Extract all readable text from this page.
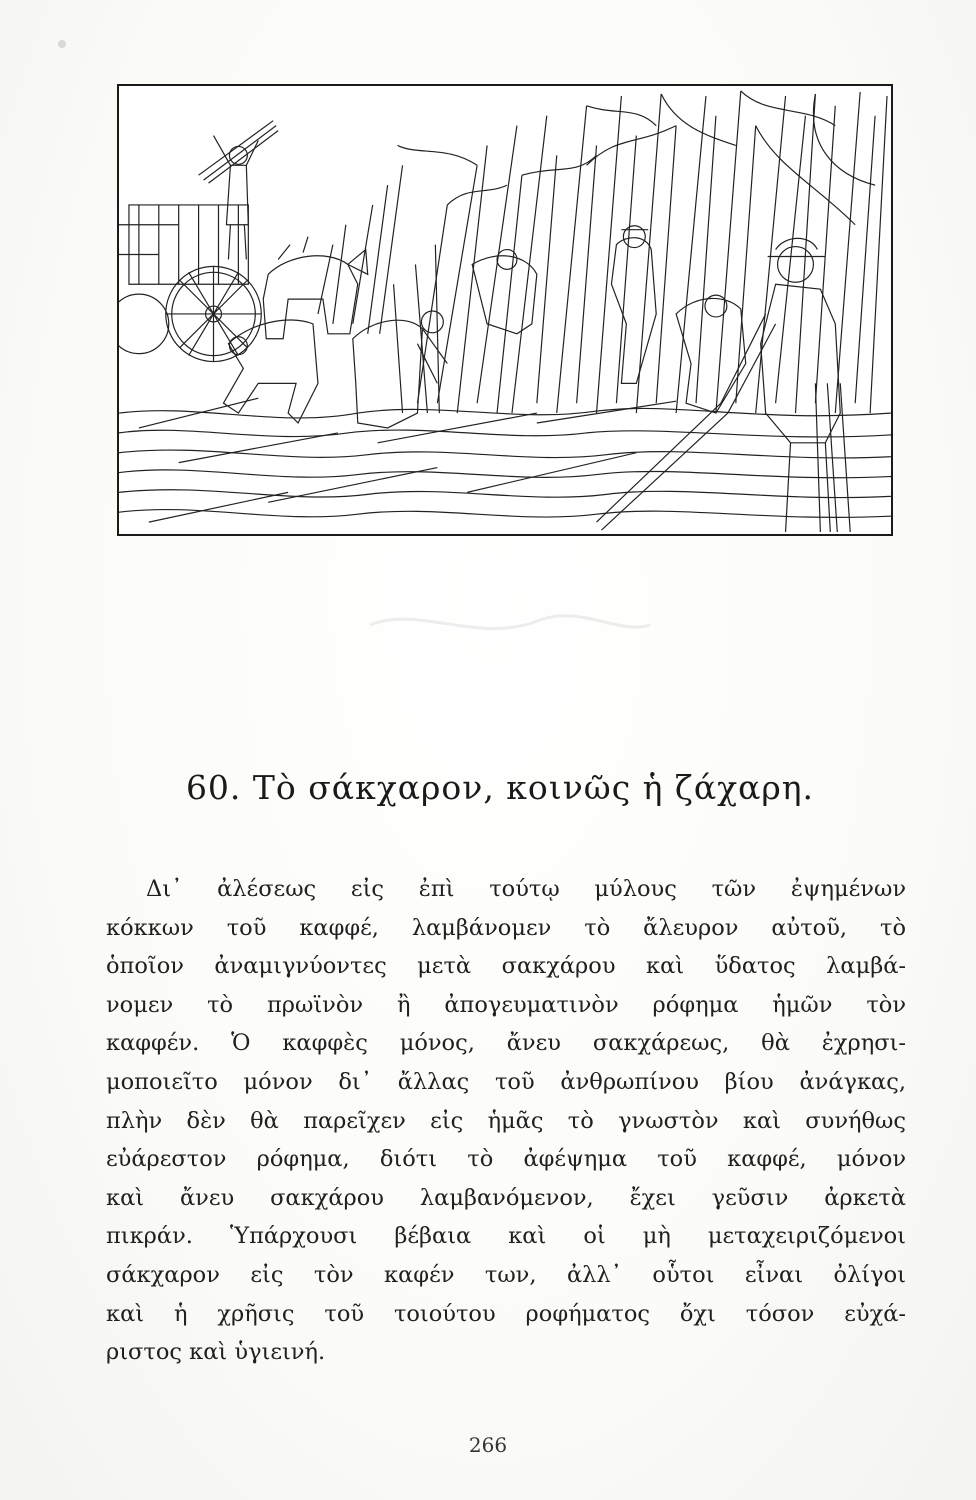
60. Τὸ σάκχαρον, κοινῶς ἡ ζάχαρη.
Δι᾽ ἀλέσεως εἰς ἐπὶ τούτῳ μύλους τῶν ἐψημένων
κόκκων τοῦ καφφέ, λαμβάνομεν τὸ ἄλευρον αὐτοῦ, τὸ
ὁποῖον ἀναμιγνύοντες μετὰ σακχάρου καὶ ὕδατος λαμβά-
νομεν τὸ πρωϊνὸν ἢ ἀπογευματινὸν ρόφημα ἡμῶν τὸν
καφφέν. Ὁ καφφὲς μόνος, ἄνευ σακχάρεως, θὰ ἐχρησι-
μοποιεῖτο μόνον δι᾽ ἄλλας τοῦ ἀνθρωπίνου βίου ἀνάγκας,
πλὴν δὲν θὰ παρεῖχεν εἰς ἡμᾶς τὸ γνωστὸν καὶ συνήθως
εὐάρεστον ρόφημα, διότι τὸ ἀφέψημα τοῦ καφφέ, μόνον
καὶ ἄνευ σακχάρου λαμβανόμενον, ἔχει γεῦσιν ἀρκετὰ
πικράν. Ὑπάρχουσι βέβαια καὶ οἱ μὴ μεταχειριζόμενοι
σάκχαρον εἰς τὸν καφέν των, ἀλλ᾽ οὗτοι εἶναι ὀλίγοι
καὶ ἡ χρῆσις τοῦ τοιούτου ροφήματος ὄχι τόσον εὐχά-
ριστος καὶ ὑγιεινή.
266
